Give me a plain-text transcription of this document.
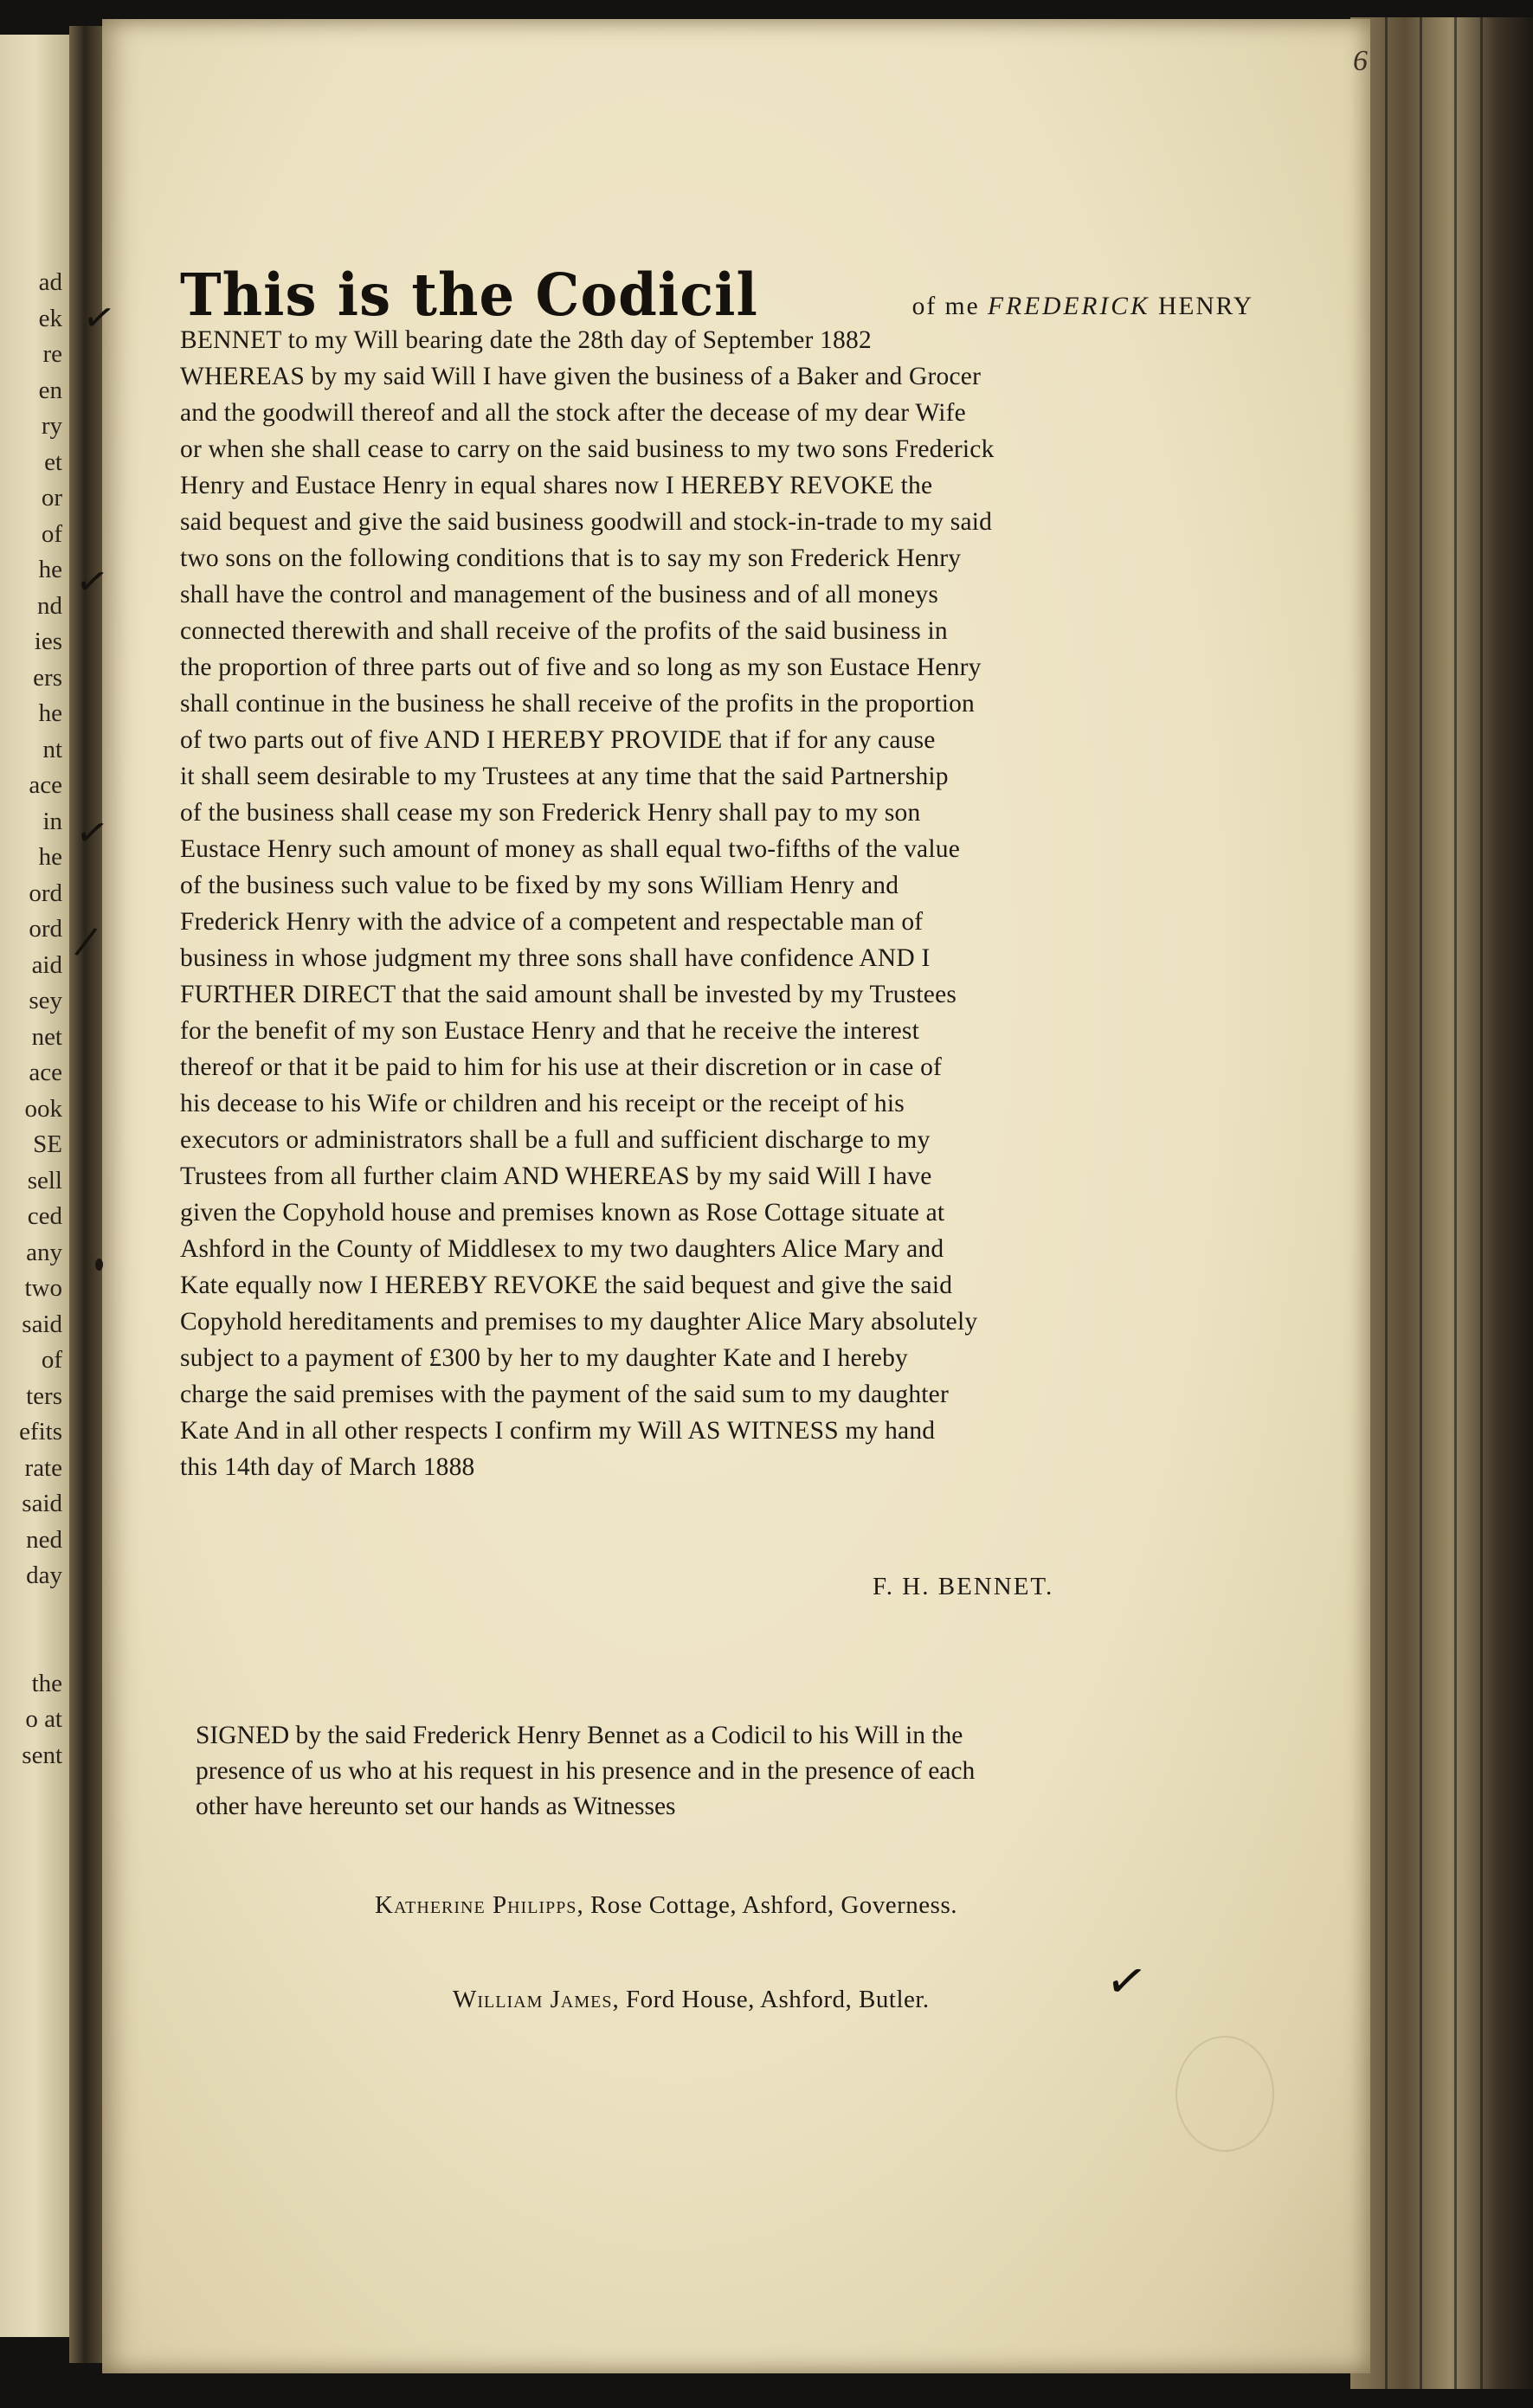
ad
ek
re
en
ry
et
or
of
he
nd
ies
ers
he
nt
ace
in
he
ord
ord
aid
sey
net
ace
ook
SE
sell
ced
any
two
said
of
ters
efits
rate
said
ned
day
the
o at
sent
6
This is the Codicil	of me FREDERICK HENRY
BENNET to my Will bearing date the 28th day of September 1882
WHEREAS by my said Will I have given the business of a Baker and Grocer
and the goodwill thereof and all the stock after the decease of my dear Wife
or when she shall cease to carry on the said business to my two sons Frederick
Henry and Eustace Henry in equal shares now I HEREBY REVOKE the
said bequest and give the said business goodwill and stock-in-trade to my said
two sons on the following conditions that is to say my son Frederick Henry
shall have the control and management of the business and of all moneys
connected therewith and shall receive of the profits of the said business in
the proportion of three parts out of five and so long as my son Eustace Henry
shall continue in the business he shall receive of the profits in the proportion
of two parts out of five AND I HEREBY PROVIDE that if for any cause
it shall seem desirable to my Trustees at any time that the said Partnership
of the business shall cease my son Frederick Henry shall pay to my son
Eustace Henry such amount of money as shall equal two-fifths of the value
of the business such value to be fixed by my sons William Henry and
Frederick Henry with the advice of a competent and respectable man of
business in whose judgment my three sons shall have confidence AND I
FURTHER DIRECT that the said amount shall be invested by my Trustees
for the benefit of my son Eustace Henry and that he receive the interest
thereof or that it be paid to him for his use at their discretion or in case of
his decease to his Wife or children and his receipt or the receipt of his
executors or administrators shall be a full and sufficient discharge to my
Trustees from all further claim AND WHEREAS by my said Will I have
given the Copyhold house and premises known as Rose Cottage situate at
Ashford in the County of Middlesex to my two daughters Alice Mary and
Kate equally now I HEREBY REVOKE the said bequest and give the said
Copyhold hereditaments and premises to my daughter Alice Mary absolutely
subject to a payment of £300 by her to my daughter Kate and I hereby
charge the said premises with the payment of the said sum to my daughter
Kate And in all other respects I confirm my Will AS WITNESS my hand
this 14th day of March 1888
F. H. BENNET.
SIGNED by the said Frederick Henry Bennet as a Codicil to his Will in the
presence of us who at his request in his presence and in the presence of each
other have hereunto set our hands as Witnesses
Katherine Philipps, Rose Cottage, Ashford, Governess.
William James, Ford House, Ashford, Butler.
✓
✓
✓
/
✓
